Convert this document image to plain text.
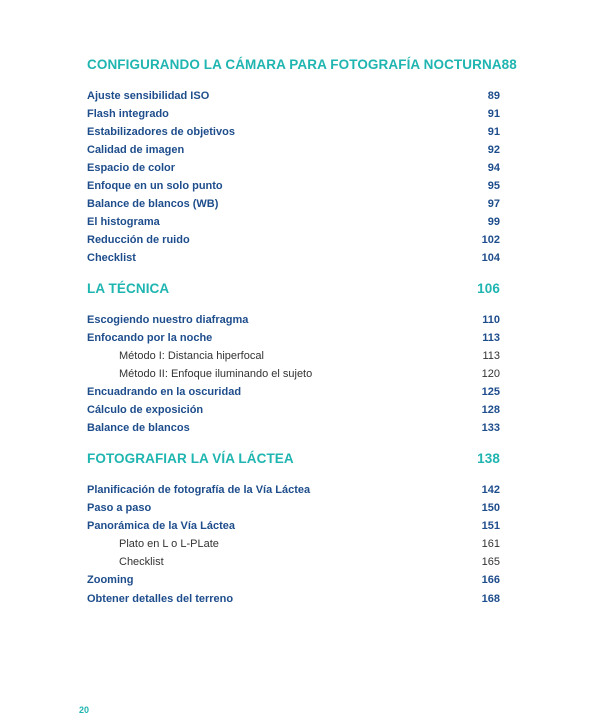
CONFIGURANDO LA CÁMARA PARA FOTOGRAFÍA NOCTURNA 88
Ajuste sensibilidad ISO	89
Flash integrado	91
Estabilizadores de objetivos	91
Calidad de imagen	92
Espacio de color	94
Enfoque en un solo punto	95
Balance de blancos (WB)	97
El histograma	99
Reducción de ruido	102
Checklist	104
LA TÉCNICA	106
Escogiendo nuestro diafragma	110
Enfocando por la noche	113
Método I: Distancia hiperfocal	113
Método II: Enfoque iluminando el sujeto	120
Encuadrando en la oscuridad	125
Cálculo de exposición	128
Balance de blancos	133
FOTOGRAFIAR LA VÍA LÁCTEA	138
Planificación de fotografía de la Vía Láctea	142
Paso a paso	150
Panorámica de la Vía Láctea	151
Plato en L o L-PLate	161
Checklist	165
Zooming	166
Obtener detalles del terreno	168
20
